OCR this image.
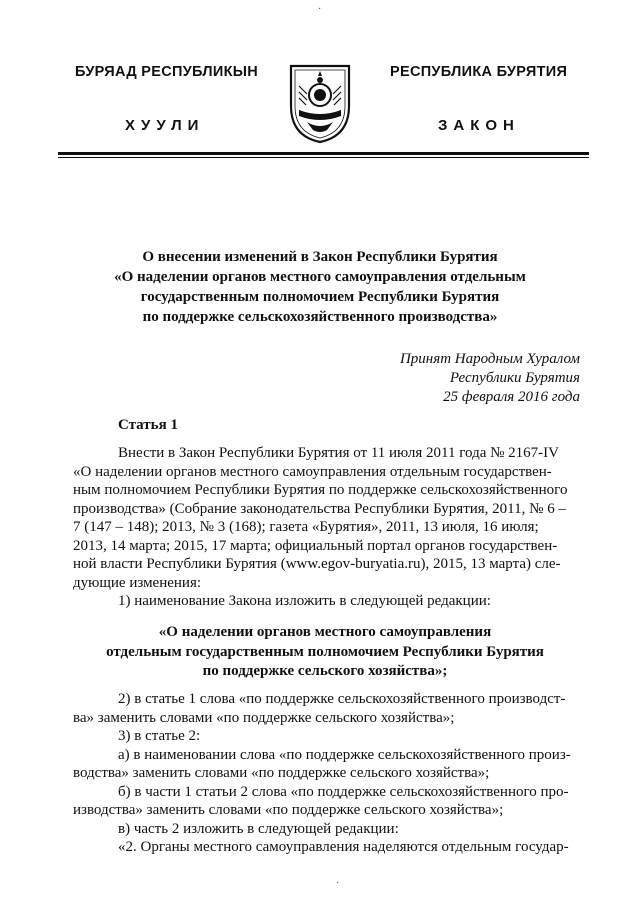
БУРЯАД РЕСПУБЛИКЫН
ХУУЛИ
РЕСПУБЛИКА БУРЯТИЯ
ЗАКОН
О внесении изменений в Закон Республики Бурятия
«О наделении органов местного самоуправления отдельным
государственным полномочием Республики Бурятия
по поддержке сельскохозяйственного производства»
Принят Народным Хуралом
Республики Бурятия
25 февраля 2016 года
Статья 1
Внести в Закон Республики Бурятия от 11 июля 2011 года № 2167-IV
«О наделении органов местного самоуправления отдельным государствен-
ным полномочием Республики Бурятия по поддержке сельскохозяйственного
производства» (Собрание законодательства Республики Бурятия, 2011, № 6 –
7 (147 – 148); 2013, № 3 (168); газета «Бурятия», 2011, 13 июля, 16 июля;
2013, 14 марта; 2015, 17 марта; официальный портал органов государствен-
ной власти Республики Бурятия (www.egov-buryatia.ru), 2015, 13 марта) сле-
дующие изменения:
1) наименование Закона изложить в следующей редакции:
«О наделении органов местного самоуправления
отдельным государственным полномочием Республики Бурятия
по поддержке сельского хозяйства»;
2) в статье 1 слова «по поддержке сельскохозяйственного производст-
ва» заменить словами «по поддержке сельского хозяйства»;
3) в статье 2:
а) в наименовании слова «по поддержке сельскохозяйственного произ-
водства» заменить словами «по поддержке сельского хозяйства»;
б) в части 1 статьи 2 слова «по поддержке сельскохозяйственного про-
изводства» заменить словами «по поддержке сельского хозяйства»;
в) часть 2 изложить в следующей редакции:
«2. Органы местного самоуправления наделяются отдельным государ-
·
·
